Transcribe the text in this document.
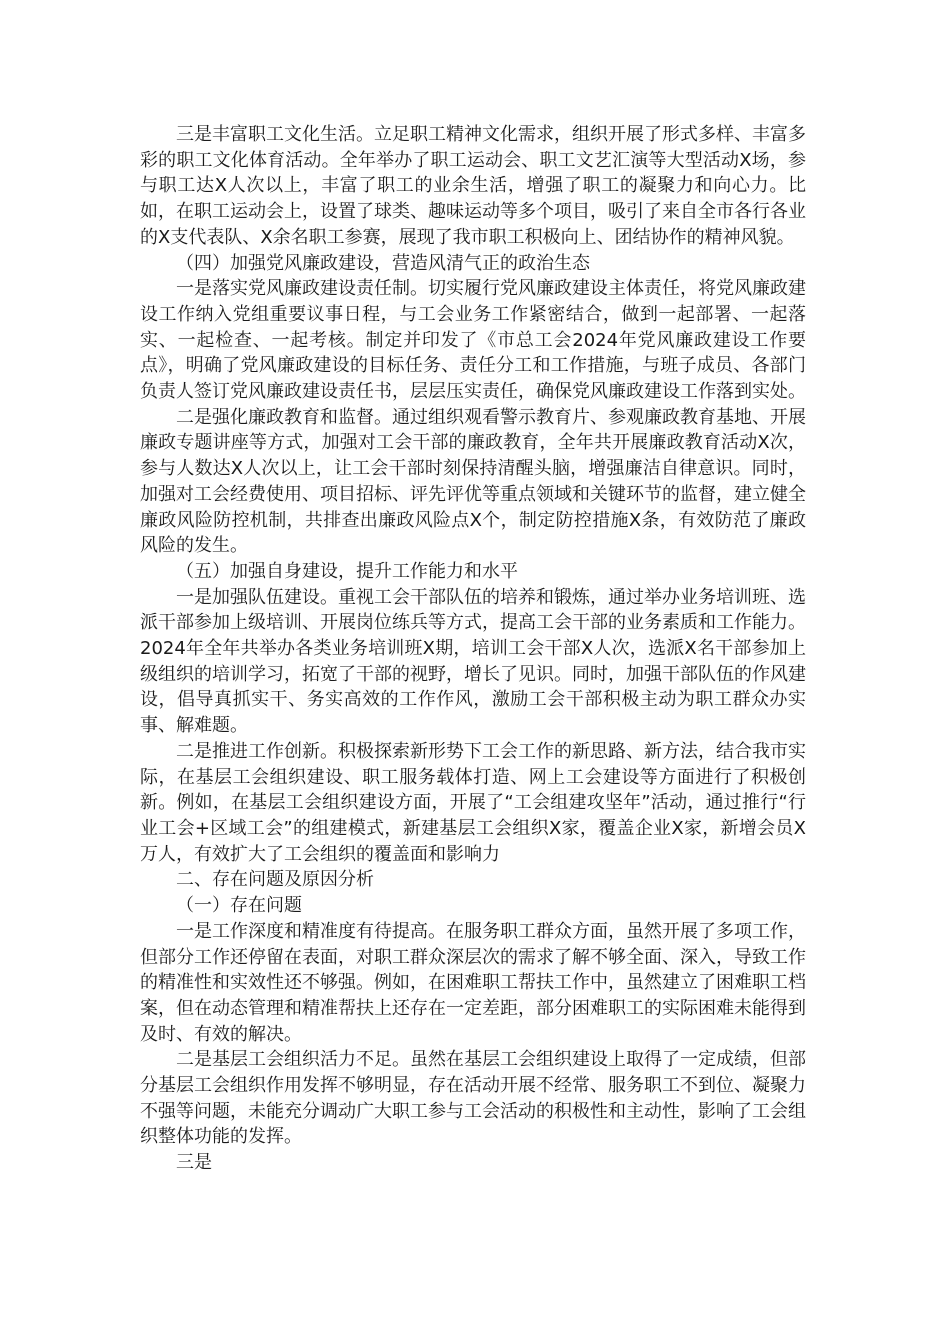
三是丰富职工文化生活。立足职工精神文化需求，组织开展了形式多样、丰富多彩的职工文化体育活动。全年举办了职工运动会、职工文艺汇演等大型活动X场，参与职工达X人次以上，丰富了职工的业余生活，增强了职工的凝聚力和向心力。比如，在职工运动会上，设置了球类、趣味运动等多个项目，吸引了来自全市各行各业的X支代表队、X余名职工参赛，展现了我市职工积极向上、团结协作的精神风貌。

（四）加强党风廉政建设，营造风清气正的政治生态

一是落实党风廉政建设责任制。切实履行党风廉政建设主体责任，将党风廉政建设工作纳入党组重要议事日程，与工会业务工作紧密结合，做到一起部署、一起落实、一起检查、一起考核。制定并印发了《市总工会2024年党风廉政建设工作要点》，明确了党风廉政建设的目标任务、责任分工和工作措施，与班子成员、各部门负责人签订党风廉政建设责任书，层层压实责任，确保党风廉政建设工作落到实处。

二是强化廉政教育和监督。通过组织观看警示教育片、参观廉政教育基地、开展廉政专题讲座等方式，加强对工会干部的廉政教育，全年共开展廉政教育活动X次，参与人数达X人次以上，让工会干部时刻保持清醒头脑，增强廉洁自律意识。同时，加强对工会经费使用、项目招标、评先评优等重点领域和关键环节的监督，建立健全廉政风险防控机制，共排查出廉政风险点X个，制定防控措施X条，有效防范了廉政风险的发生。

（五）加强自身建设，提升工作能力和水平

一是加强队伍建设。重视工会干部队伍的培养和锻炼，通过举办业务培训班、选派干部参加上级培训、开展岗位练兵等方式，提高工会干部的业务素质和工作能力。2024年全年共举办各类业务培训班X期，培训工会干部X人次，选派X名干部参加上级组织的培训学习，拓宽了干部的视野，增长了见识。同时，加强干部队伍的作风建设，倡导真抓实干、务实高效的工作作风，激励工会干部积极主动为职工群众办实事、解难题。

二是推进工作创新。积极探索新形势下工会工作的新思路、新方法，结合我市实际，在基层工会组织建设、职工服务载体打造、网上工会建设等方面进行了积极创新。例如，在基层工会组织建设方面，开展了“工会组建攻坚年”活动，通过推行“行业工会+区域工会”的组建模式，新建基层工会组织X家，覆盖企业X家，新增会员X万人，有效扩大了工会组织的覆盖面和影响力

二、存在问题及原因分析

（一）存在问题

一是工作深度和精准度有待提高。在服务职工群众方面，虽然开展了多项工作，但部分工作还停留在表面，对职工群众深层次的需求了解不够全面、深入，导致工作的精准性和实效性还不够强。例如，在困难职工帮扶工作中，虽然建立了困难职工档案，但在动态管理和精准帮扶上还存在一定差距，部分困难职工的实际困难未能得到及时、有效的解决。

二是基层工会组织活力不足。虽然在基层工会组织建设上取得了一定成绩，但部分基层工会组织作用发挥不够明显，存在活动开展不经常、服务职工不到位、凝聚力不强等问题，未能充分调动广大职工参与工会活动的积极性和主动性，影响了工会组织整体功能的发挥。

三是
